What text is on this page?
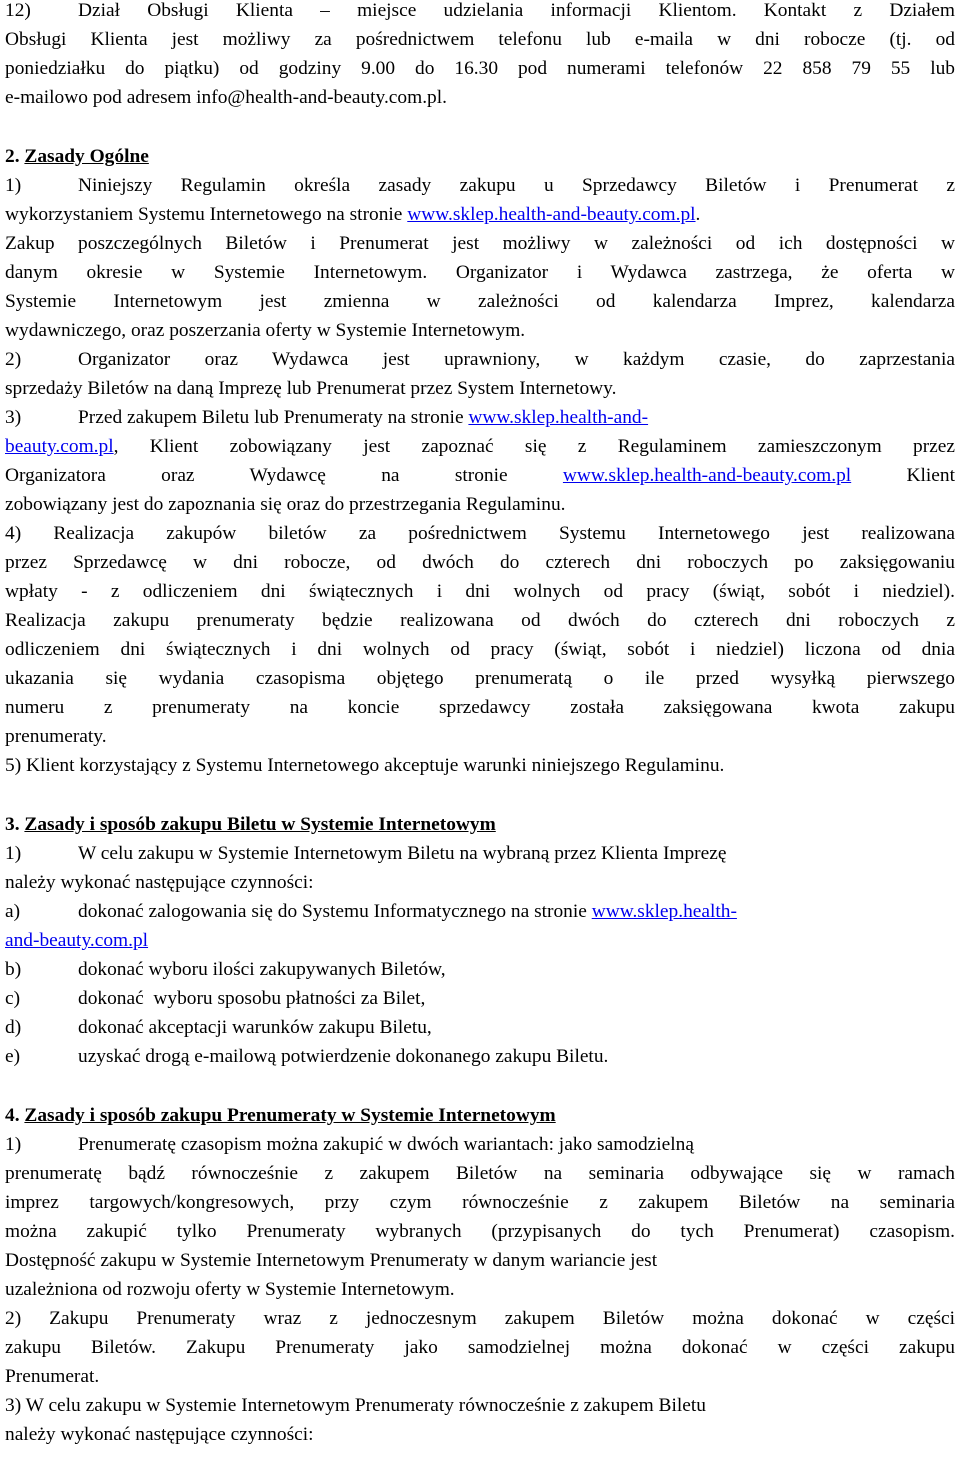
12) Dział Obsługi Klienta – miejsce udzielania informacji Klientom. Kontakt z Działem
Obsługi Klienta jest możliwy za pośrednictwem telefonu lub e-maila w dni robocze (tj. od
poniedziałku do piątku) od godziny 9.00 do 16.30 pod numerami telefonów 22 858 79 55 lub
e-mailowo pod adresem info@health-and-beauty.com.pl.
2. Zasady Ogólne
1)	Niniejszy Regulamin określa zasady zakupu u Sprzedawcy Biletów i Prenumerat z
wykorzystaniem Systemu Internetowego na stronie www.sklep.health-and-beauty.com.pl.
Zakup poszczególnych Biletów i Prenumerat jest możliwy w zależności od ich dostępności w
danym okresie w Systemie Internetowym. Organizator i Wydawca zastrzega, że oferta w
Systemie Internetowym jest zmienna w zależności od kalendarza Imprez, kalendarza
wydawniczego, oraz poszerzania oferty w Systemie Internetowym.
2)	Organizator oraz Wydawca jest uprawniony, w każdym czasie, do zaprzestania
sprzedaży Biletów na daną Imprezę lub Prenumerat przez System Internetowy.
3)	Przed zakupem Biletu lub Prenumeraty na stronie www.sklep.health-and-
beauty.com.pl, Klient zobowiązany jest zapoznać się z Regulaminem zamieszczonym przez
Organizatora oraz Wydawcę na stronie www.sklep.health-and-beauty.com.pl Klient
zobowiązany jest do zapoznania się oraz do przestrzegania Regulaminu.
4) Realizacja zakupów biletów za pośrednictwem Systemu Internetowego jest realizowana
przez Sprzedawcę w dni robocze, od dwóch do czterech dni roboczych po zaksięgowaniu
wpłaty - z odliczeniem dni świątecznych i dni wolnych od pracy (świąt, sobót i niedziel).
Realizacja zakupu prenumeraty będzie realizowana od dwóch do czterech dni roboczych z
odliczeniem dni świątecznych i dni wolnych od pracy (świąt, sobót i niedziel) liczona od dnia
ukazania się wydania czasopisma objętego prenumeratą o ile przed wysyłką pierwszego
numeru z prenumeraty na koncie sprzedawcy została zaksięgowana kwota zakupu
prenumeraty.
5) Klient korzystający z Systemu Internetowego akceptuje warunki niniejszego Regulaminu.
3. Zasady i sposób zakupu Biletu w Systemie Internetowym
1)	W celu zakupu w Systemie Internetowym Biletu na wybraną przez Klienta Imprezę
należy wykonać następujące czynności:
a)	dokonać zalogowania się do Systemu Informatycznego na stronie www.sklep.health-
and-beauty.com.pl
b)	dokonać wyboru ilości zakupywanych Biletów,
c)	dokonać  wyboru sposobu płatności za Bilet,
d)	dokonać akceptacji warunków zakupu Biletu,
e)	uzyskać drogą e-mailową potwierdzenie dokonanego zakupu Biletu.
4. Zasady i sposób zakupu Prenumeraty w Systemie Internetowym
1)	Prenumeratę czasopism można zakupić w dwóch wariantach: jako samodzielną
prenumeratę bądź równocześnie z zakupem Biletów na seminaria odbywające się w ramach
imprez targowych/kongresowych, przy czym równocześnie z zakupem Biletów na seminaria
można zakupić tylko Prenumeraty wybranych (przypisanych do tych Prenumerat) czasopism.
Dostępność zakupu w Systemie Internetowym Prenumeraty w danym wariancie jest
uzależniona od rozwoju oferty w Systemie Internetowym.
2) Zakupu Prenumeraty wraz z jednoczesnym zakupem Biletów można dokonać w części
zakupu Biletów. Zakupu Prenumeraty jako samodzielnej można dokonać w części zakupu
Prenumerat.
3) W celu zakupu w Systemie Internetowym Prenumeraty równocześnie z zakupem Biletu
należy wykonać następujące czynności:
